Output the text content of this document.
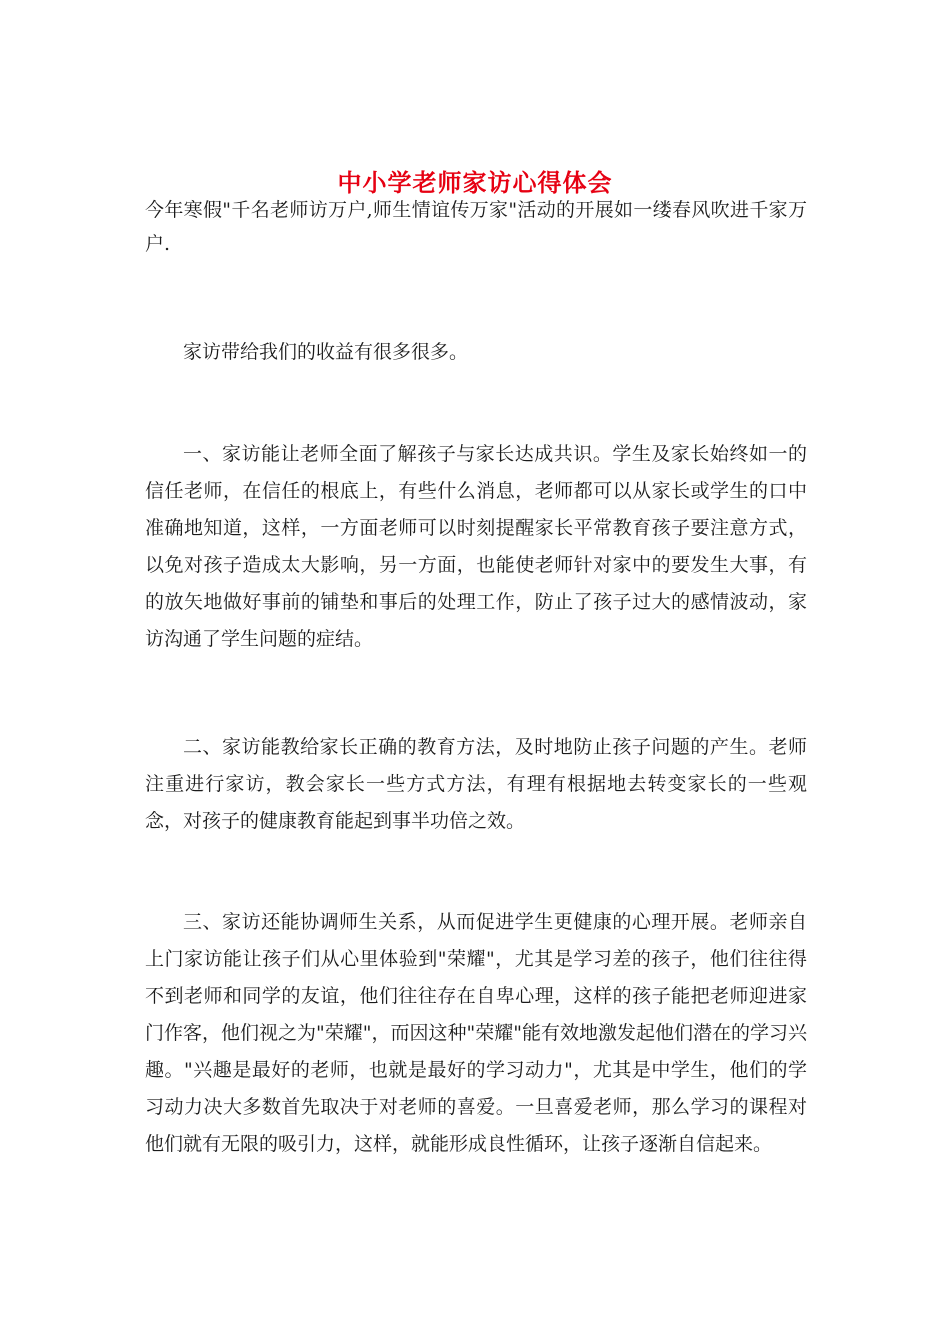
中小学老师家访心得体会

今年寒假"千名老师访万户,师生情谊传万家"活动的开展如一缕春风吹进千家万户.

家访带给我们的收益有很多很多。

一、家访能让老师全面了解孩子与家长达成共识。学生及家长始终如一的信任老师，在信任的根底上，有些什么消息，老师都可以从家长或学生的口中准确地知道，这样，一方面老师可以时刻提醒家长平常教育孩子要注意方式，以免对孩子造成太大影响，另一方面，也能使老师针对家中的要发生大事，有的放矢地做好事前的铺垫和事后的处理工作，防止了孩子过大的感情波动，家访沟通了学生问题的症结。

二、家访能教给家长正确的教育方法，及时地防止孩子问题的产生。老师注重进行家访，教会家长一些方式方法，有理有根据地去转变家长的一些观念，对孩子的健康教育能起到事半功倍之效。

三、家访还能协调师生关系，从而促进学生更健康的心理开展。老师亲自上门家访能让孩子们从心里体验到"荣耀"，尤其是学习差的孩子，他们往往得不到老师和同学的友谊，他们往往存在自卑心理，这样的孩子能把老师迎进家门作客，他们视之为"荣耀"，而因这种"荣耀"能有效地激发起他们潜在的学习兴趣。"兴趣是最好的老师，也就是最好的学习动力"，尤其是中学生，他们的学习动力决大多数首先取决于对老师的喜爱。一旦喜爱老师，那么学习的课程对他们就有无限的吸引力，这样，就能形成良性循环，让孩子逐渐自信起来。
